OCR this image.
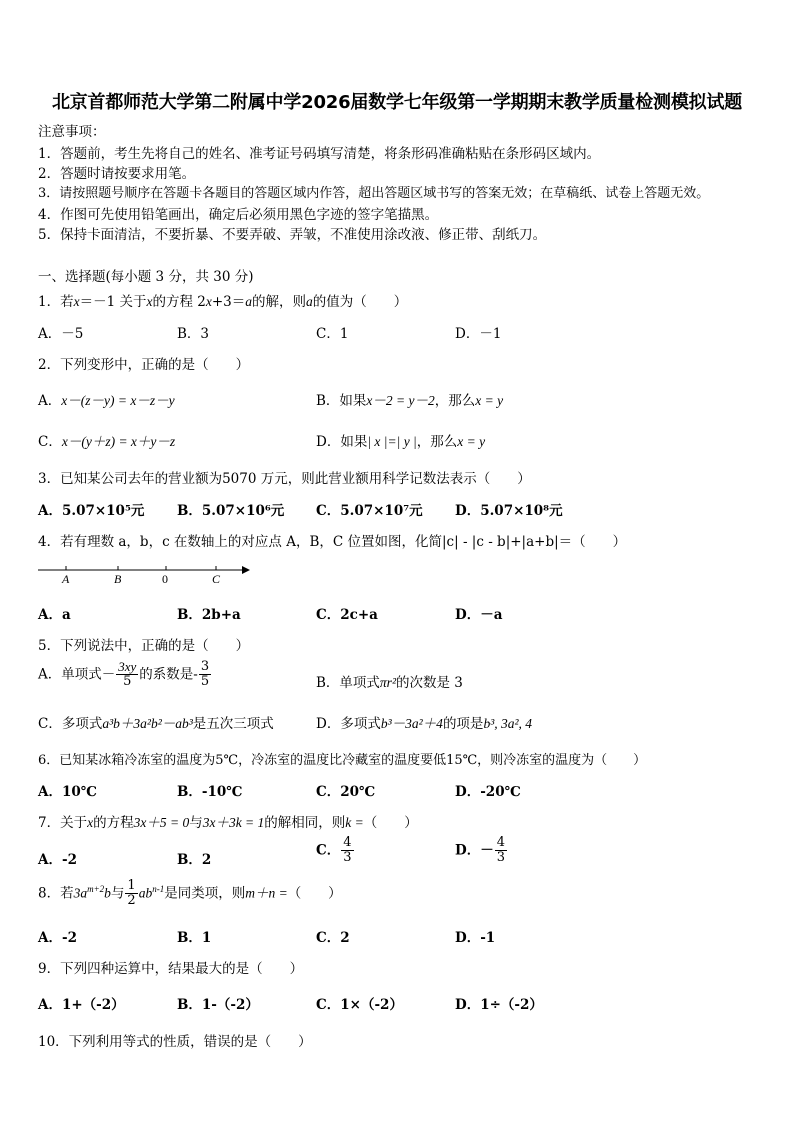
北京首都师范大学第二附属中学2026届数学七年级第一学期期末教学质量检测模拟试题
注意事项：
1．答题前，考生先将自己的姓名、准考证号码填写清楚，将条形码准确粘贴在条形码区域内。
2．答题时请按要求用笔。
3．请按照题号顺序在答题卡各题目的答题区域内作答，超出答题区域书写的答案无效；在草稿纸、试卷上答题无效。
4．作图可先使用铅笔画出，确定后必须用黑色字迹的签字笔描黑。
5．保持卡面清洁，不要折暴、不要弄破、弄皱，不准使用涂改液、修正带、刮纸刀。
一、选择题(每小题 3 分，共 30 分)
1．若x＝－1 关于x的方程 2x+3＝a的解，则a的值为（　　）
A．－5	B．3	C．1	D．－1
2．下列变形中，正确的是（　　）
A．x－(z－y) = x－z－y	B．如果x－2 = y－2，那么x = y
C．x－(y＋z) = x＋y－z	D．如果| x |=| y |，那么x = y
3．已知某公司去年的营业额为5070 万元，则此营业额用科学记数法表示（　　）
A．5.07×10⁵元 B．5.07×10⁶元 C．5.07×10⁷元 D．5.07×10⁸元
4．若有理数 a，b，c 在数轴上的对应点 A，B，C 位置如图，化简|c| - |c - b|+|a+b|＝（　　）
A	B	0	C
A．a	B．2b+a	C．2c+a	D．－a
5．下列说法中，正确的是（　　）
A．单项式－ $\frac{3xy}{5}$ 的系数是- $\frac{3}{5}$	B．单项式πr²的次数是 3
C．多项式a³b＋3a²b²－ab³是五次三项式	D．多项式b³－3a²＋4的项是b³, 3a², 4
6．已知某冰箱冷冻室的温度为5℃，冷冻室的温度比冷藏室的温度要低15℃，则冷冻室的温度为（　　）
A．10℃	B．-10℃	C．20℃	D．-20℃
7．关于x的方程3x＋5 = 0与3x＋3k = 1的解相同，则k =（　　）
A．-2	B．2
C． $\frac{4}{3}$	D．－ $\frac{4}{3}$
8．若$3a^{m+2}b$与 $\frac{1}{2} ab^{n-1}$是同类项，则m＋n =（　　）
A．-2	B．1	C．2	D．-1
9．下列四种运算中，结果最大的是（　　）
A．1+（-2）	B．1-（-2）	C．1×（-2）	D．1÷（-2）
10．下列利用等式的性质，错误的是（　　）
